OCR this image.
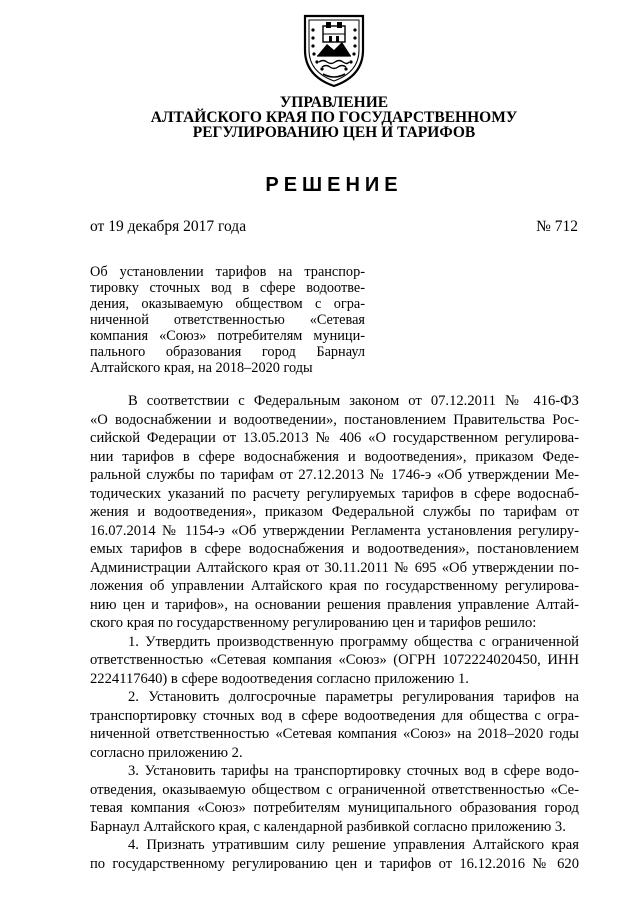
УПРАВЛЕНИЕ
АЛТАЙСКОГО КРАЯ ПО ГОСУДАРСТВЕННОМУ
РЕГУЛИРОВАНИЮ ЦЕН И ТАРИФОВ
РЕШЕНИЕ
от 19 декабря 2017 года	№ 712
Об установлении тарифов на транспор-
тировку сточных вод в сфере водоотве-
дения, оказываемую обществом с огра-
ниченной ответственностью «Сетевая
компания «Союз» потребителям муници-
пального образования город Барнаул
Алтайского края, на 2018–2020 годы
В соответствии с Федеральным законом от 07.12.2011 № 416-ФЗ
«О водоснабжении и водоотведении», постановлением Правительства Рос-
сийской Федерации от 13.05.2013 № 406 «О государственном регулирова-
нии тарифов в сфере водоснабжения и водоотведения», приказом Феде-
ральной службы по тарифам от 27.12.2013 № 1746-э «Об утверждении Ме-
тодических указаний по расчету регулируемых тарифов в сфере водоснаб-
жения и водоотведения», приказом Федеральной службы по тарифам от
16.07.2014 № 1154-э «Об утверждении Регламента установления регулиру-
емых тарифов в сфере водоснабжения и водоотведения», постановлением
Администрации Алтайского края от 30.11.2011 № 695 «Об утверждении по-
ложения об управлении Алтайского края по государственному регулирова-
нию цен и тарифов», на основании решения правления управление Алтай-
ского края по государственному регулированию цен и тарифов решило:
1. Утвердить производственную программу общества с ограниченной
ответственностью «Сетевая компания «Союз» (ОГРН 1072224020450, ИНН
2224117640) в сфере водоотведения согласно приложению 1.
2. Установить долгосрочные параметры регулирования тарифов на
транспортировку сточных вод в сфере водоотведения для общества с огра-
ниченной ответственностью «Сетевая компания «Союз» на 2018–2020 годы
согласно приложению 2.
3. Установить тарифы на транспортировку сточных вод в сфере водо-
отведения, оказываемую обществом с ограниченной ответственностью «Се-
тевая компания «Союз» потребителям муниципального образования город
Барнаул Алтайского края, с календарной разбивкой согласно приложению 3.
4. Признать утратившим силу решение управления Алтайского края
по государственному регулированию цен и тарифов от 16.12.2016 № 620
